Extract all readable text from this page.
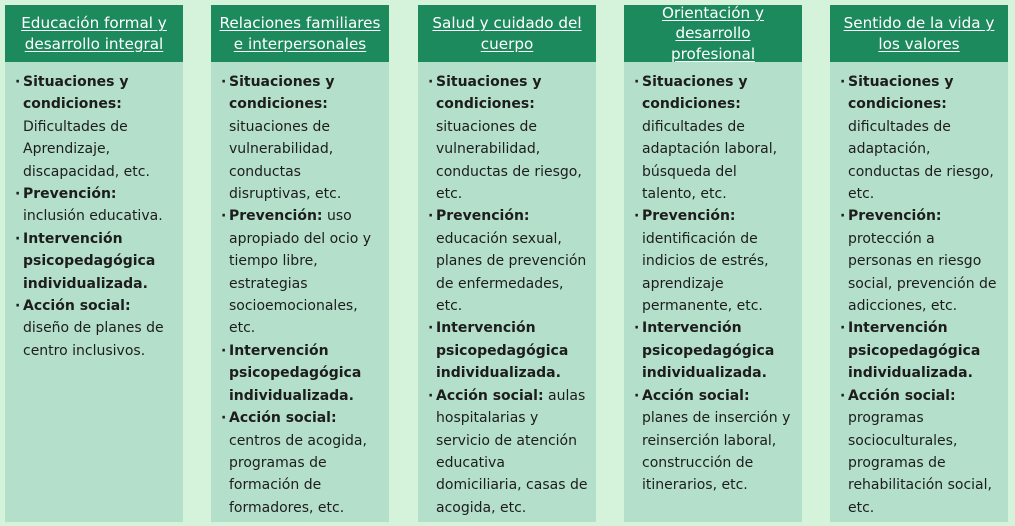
Educación formal y desarrollo integral
· Situaciones y condiciones: Dificultades de Aprendizaje, discapacidad, etc.
· Prevención: inclusión educativa.
· Intervención psicopedagógica individualizada.
· Acción social: diseño de planes de centro inclusivos.
Relaciones familiares e interpersonales
· Situaciones y condiciones: situaciones de vulnerabilidad, conductas disruptivas, etc.
· Prevención: uso apropiado del ocio y tiempo libre, estrategias socioemocionales, etc.
· Intervención psicopedagógica individualizada.
· Acción social: centros de acogida, programas de formación de formadores, etc.
Salud y cuidado del cuerpo
· Situaciones y condiciones: situaciones de vulnerabilidad, conductas de riesgo, etc.
· Prevención: educación sexual, planes de prevención de enfermedades, etc.
· Intervención psicopedagógica individualizada.
· Acción social: aulas hospitalarias y servicio de atención educativa domiciliaria, casas de acogida, etc.
Orientación y desarrollo profesional
· Situaciones y condiciones: dificultades de adaptación laboral, búsqueda del talento, etc.
· Prevención: identificación de indicios de estrés, aprendizaje permanente, etc.
· Intervención psicopedagógica individualizada.
· Acción social: planes de inserción y reinserción laboral, construcción de itinerarios, etc.
Sentido de la vida y los valores
· Situaciones y condiciones: dificultades de adaptación, conductas de riesgo, etc.
· Prevención: protección a personas en riesgo social, prevención de adicciones, etc.
· Intervención psicopedagógica individualizada.
· Acción social: programas socioculturales, programas de rehabilitación social, etc.
